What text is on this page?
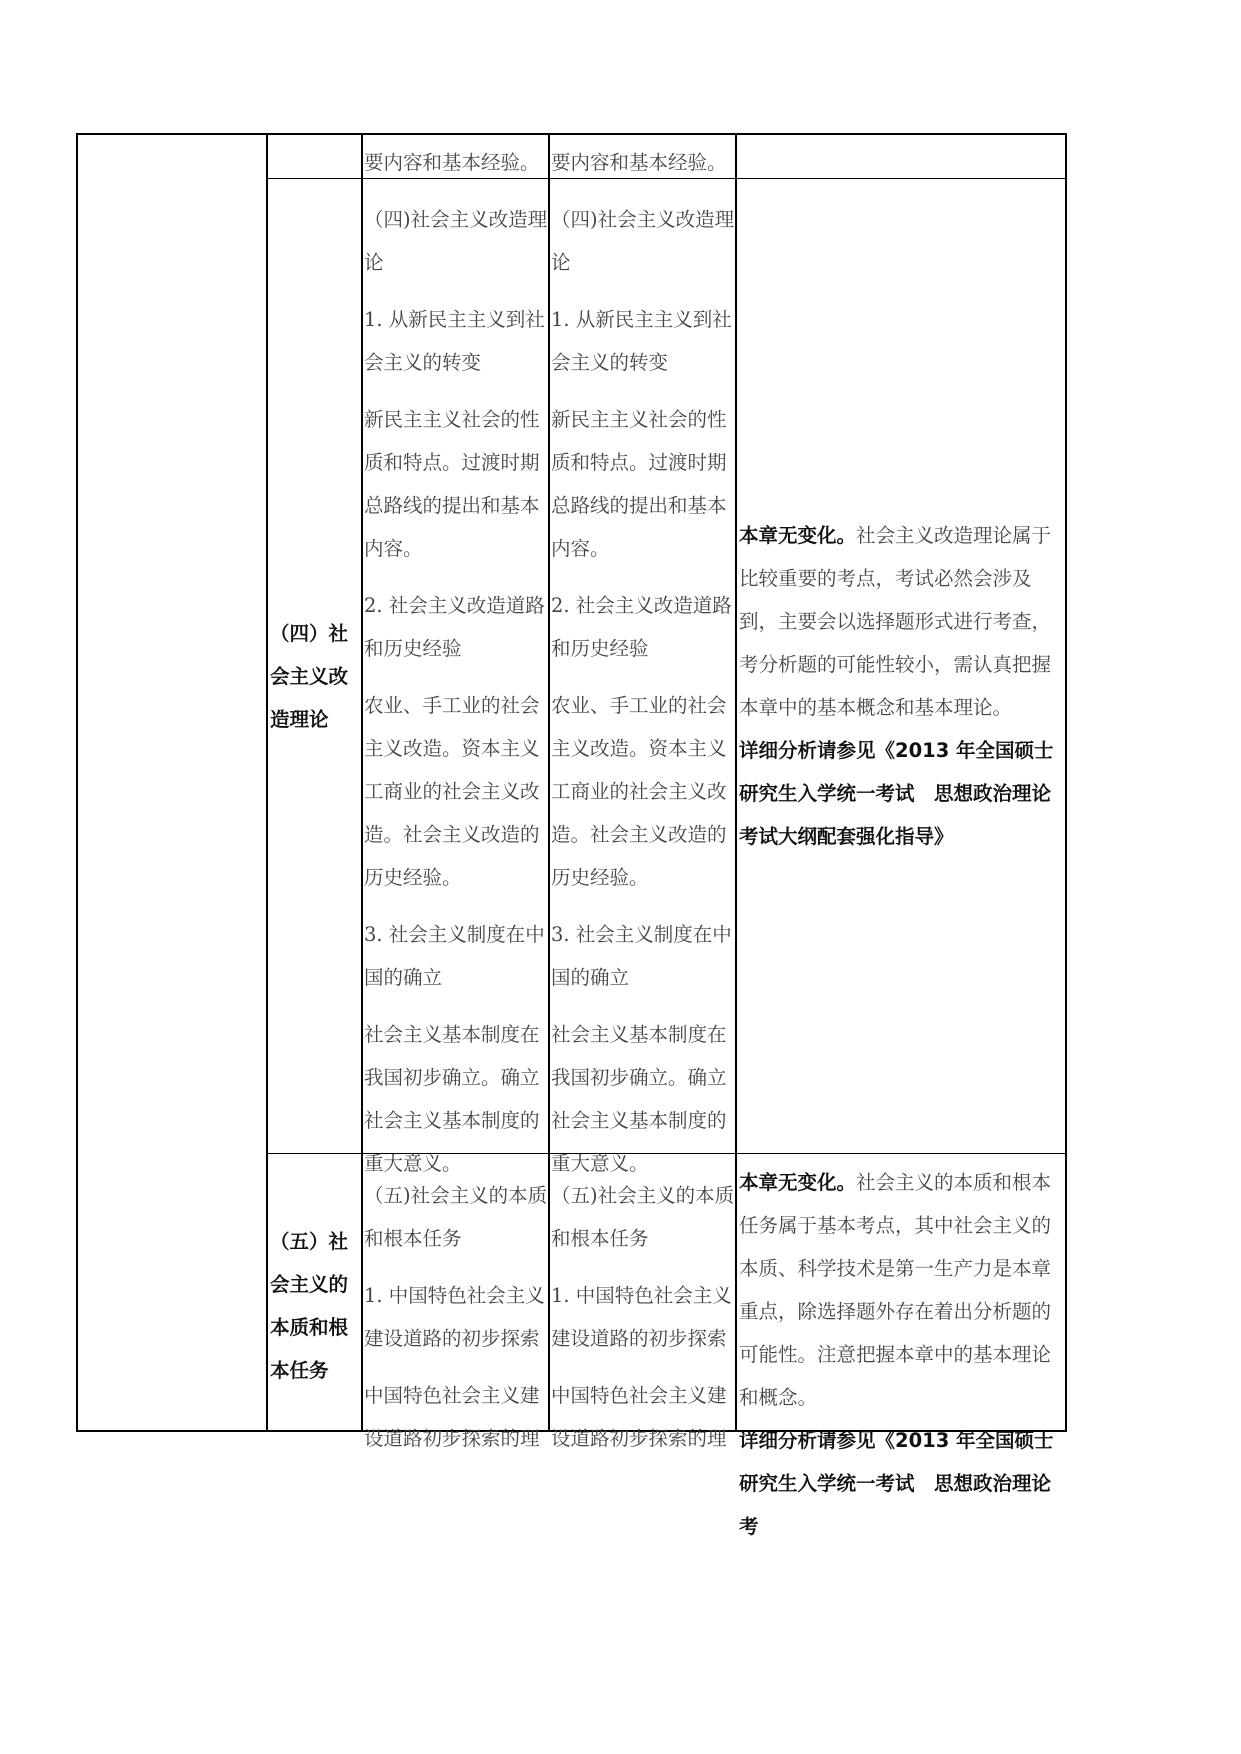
要内容和基本经验。 要内容和基本经验。
（四）社会主义改造理论

（四)社会主义改造理论

1. 从新民主主义到社会主义的转变

新民主主义社会的性质和特点。过渡时期总路线的提出和基本内容。

2. 社会主义改造道路和历史经验

农业、手工业的社会主义改造。资本主义工商业的社会主义改造。社会主义改造的历史经验。

3. 社会主义制度在中国的确立

社会主义基本制度在我国初步确立。确立社会主义基本制度的重大意义。

（四)社会主义改造理论

1. 从新民主主义到社会主义的转变

新民主主义社会的性质和特点。过渡时期总路线的提出和基本内容。

2. 社会主义改造道路和历史经验

农业、手工业的社会主义改造。资本主义工商业的社会主义改造。社会主义改造的历史经验。

3. 社会主义制度在中国的确立

社会主义基本制度在我国初步确立。确立社会主义基本制度的重大意义。

本章无变化。社会主义改造理论属于比较重要的考点，考试必然会涉及到，主要会以选择题形式进行考查，考分析题的可能性较小，需认真把握本章中的基本概念和基本理论。
详细分析请参见《2013 年全国硕士研究生入学统一考试　思想政治理论考试大纲配套强化指导》
（五）社会主义的本质和根本任务

（五)社会主义的本质和根本任务

1. 中国特色社会主义建设道路的初步探索

中国特色社会主义建设道路初步探索的理

（五)社会主义的本质和根本任务

1. 中国特色社会主义建设道路的初步探索

中国特色社会主义建设道路初步探索的理

本章无变化。社会主义的本质和根本任务属于基本考点，其中社会主义的本质、科学技术是第一生产力是本章重点，除选择题外存在着出分析题的可能性。注意把握本章中的基本理论和概念。
详细分析请参见《2013 年全国硕士研究生入学统一考试　思想政治理论考
